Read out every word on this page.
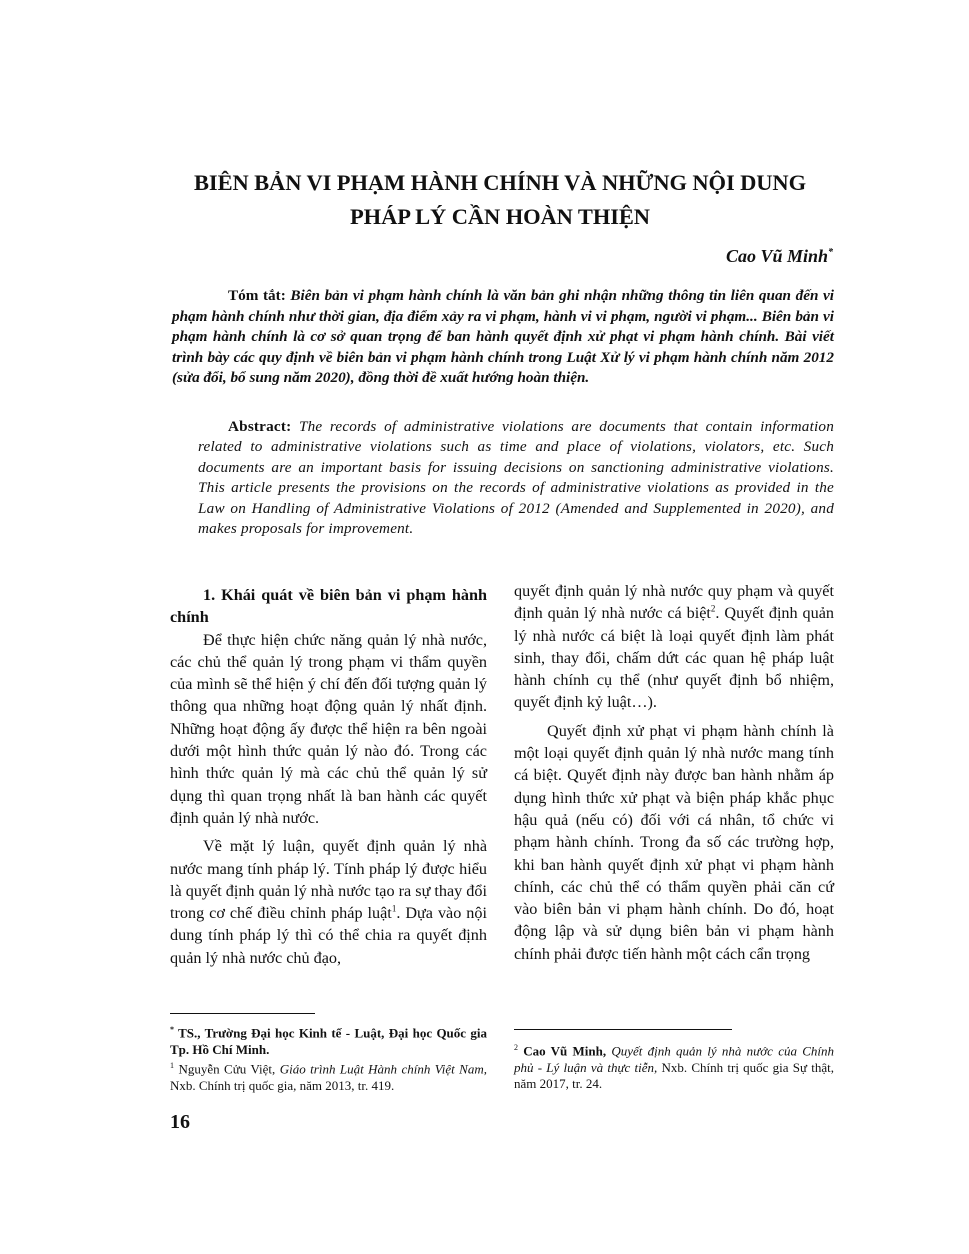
BIÊN BẢN VI PHẠM HÀNH CHÍNH VÀ NHỮNG NỘI DUNG
PHÁP LÝ CẦN HOÀN THIỆN
Cao Vũ Minh*

Tóm tắt: Biên bản vi phạm hành chính là văn bản ghi nhận những thông tin liên quan đến vi phạm hành chính như thời gian, địa điểm xảy ra vi phạm, hành vi vi phạm, người vi phạm... Biên bản vi phạm hành chính là cơ sở quan trọng để ban hành quyết định xử phạt vi phạm hành chính. Bài viết trình bày các quy định về biên bản vi phạm hành chính trong Luật Xử lý vi phạm hành chính năm 2012 (sửa đổi, bổ sung năm 2020), đồng thời đề xuất hướng hoàn thiện.

Abstract: The records of administrative violations are documents that contain information related to administrative violations such as time and place of violations, violators, etc. Such documents are an important basis for issuing decisions on sanctioning administrative violations. This article presents the provisions on the records of administrative violations as provided in the Law on Handling of Administrative Violations of 2012 (Amended and Supplemented in 2020), and makes proposals for improvement.

1. Khái quát về biên bản vi phạm hành chính

Để thực hiện chức năng quản lý nhà nước, các chủ thể quản lý trong phạm vi thẩm quyền của mình sẽ thể hiện ý chí đến đối tượng quản lý thông qua những hoạt động quản lý nhất định. Những hoạt động ấy được thể hiện ra bên ngoài dưới một hình thức quản lý nào đó. Trong các hình thức quản lý mà các chủ thể quản lý sử dụng thì quan trọng nhất là ban hành các quyết định quản lý nhà nước.

Về mặt lý luận, quyết định quản lý nhà nước mang tính pháp lý. Tính pháp lý được hiểu là quyết định quản lý nhà nước tạo ra sự thay đổi trong cơ chế điều chỉnh pháp luật$^1$. Dựa vào nội dung tính pháp lý thì có thể chia ra quyết định quản lý nhà nước chủ đạo,

quyết định quản lý nhà nước quy phạm và quyết định quản lý nhà nước cá biệt$^2$. Quyết định quản lý nhà nước cá biệt là loại quyết định làm phát sinh, thay đổi, chấm dứt các quan hệ pháp luật hành chính cụ thể (như quyết định bổ nhiệm, quyết định kỷ luật…).

Quyết định xử phạt vi phạm hành chính là một loại quyết định quản lý nhà nước mang tính cá biệt. Quyết định này được ban hành nhằm áp dụng hình thức xử phạt và biện pháp khắc phục hậu quả (nếu có) đối với cá nhân, tổ chức vi phạm hành chính. Trong đa số các trường hợp, khi ban hành quyết định xử phạt vi phạm hành chính, các chủ thể có thẩm quyền phải căn cứ vào biên bản vi phạm hành chính. Do đó, hoạt động lập và sử dụng biên bản vi phạm hành chính phải được tiến hành một cách cẩn trọng

* TS., Trường Đại học Kinh tế - Luật, Đại học Quốc gia Tp. Hồ Chí Minh.

$^1$ Nguyễn Cửu Việt, Giáo trình Luật Hành chính Việt Nam, Nxb. Chính trị quốc gia, năm 2013, tr. 419.

$^2$ Cao Vũ Minh, Quyết định quản lý nhà nước của Chính phủ - Lý luận và thực tiễn, Nxb. Chính trị quốc gia Sự thật, năm 2017, tr. 24.

16
